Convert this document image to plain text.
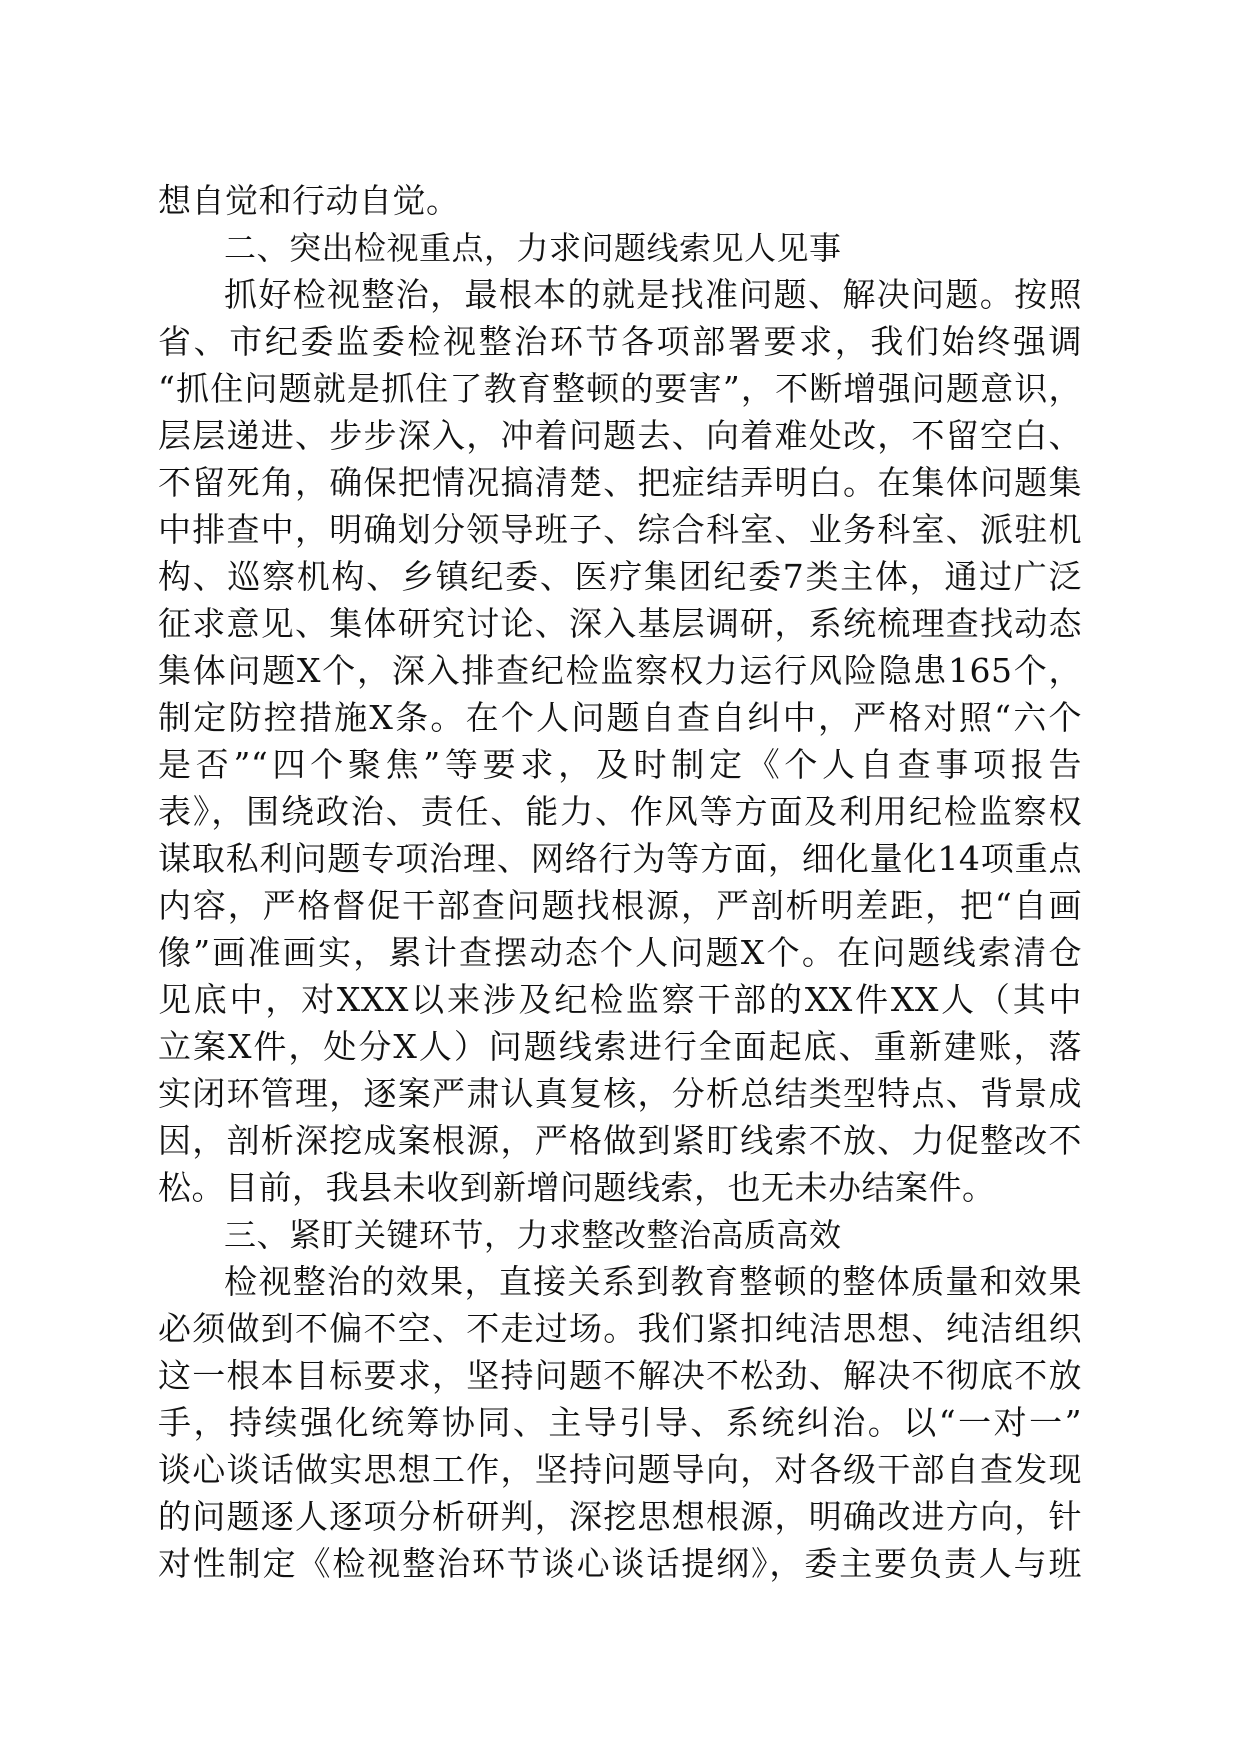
想自觉和行动自觉。
二、突出检视重点，力求问题线索见人见事
抓好检视整治，最根本的就是找准问题、解决问题。按照
省、市纪委监委检视整治环节各项部署要求，我们始终强调
“抓住问题就是抓住了教育整顿的要害”，不断增强问题意识，
层层递进、步步深入，冲着问题去、向着难处改，不留空白、
不留死角，确保把情况搞清楚、把症结弄明白。在集体问题集
中排查中，明确划分领导班子、综合科室、业务科室、派驻机
构、巡察机构、乡镇纪委、医疗集团纪委7类主体，通过广泛
征求意见、集体研究讨论、深入基层调研，系统梳理查找动态
集体问题X个，深入排查纪检监察权力运行风险隐患165个，
制定防控措施X条。在个人问题自查自纠中，严格对照“六个
是否”“四个聚焦”等要求，及时制定《个人自查事项报告
表》，围绕政治、责任、能力、作风等方面及利用纪检监察权
谋取私利问题专项治理、网络行为等方面，细化量化14项重点
内容，严格督促干部查问题找根源，严剖析明差距，把“自画
像”画准画实，累计查摆动态个人问题X个。在问题线索清仓
见底中，对XXX以来涉及纪检监察干部的XX件XX人（其中
立案X件，处分X人）问题线索进行全面起底、重新建账，落
实闭环管理，逐案严肃认真复核，分析总结类型特点、背景成
因，剖析深挖成案根源，严格做到紧盯线索不放、力促整改不
松。目前，我县未收到新增问题线索，也无未办结案件。
三、紧盯关键环节，力求整改整治高质高效
检视整治的效果，直接关系到教育整顿的整体质量和效果
必须做到不偏不空、不走过场。我们紧扣纯洁思想、纯洁组织
这一根本目标要求，坚持问题不解决不松劲、解决不彻底不放
手，持续强化统筹协同、主导引导、系统纠治。以“一对一”
谈心谈话做实思想工作，坚持问题导向，对各级干部自查发现
的问题逐人逐项分析研判，深挖思想根源，明确改进方向，针
对性制定《检视整治环节谈心谈话提纲》，委主要负责人与班
